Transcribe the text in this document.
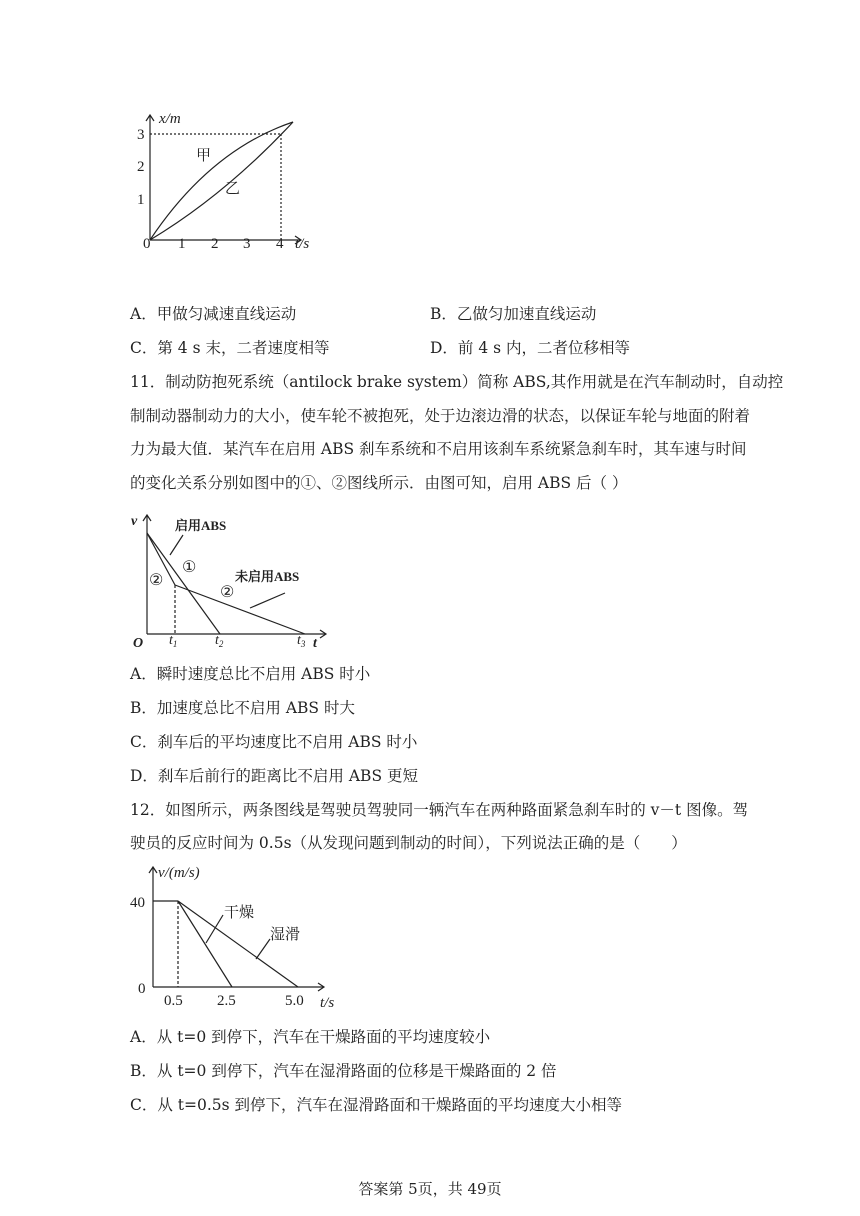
x/m
t/s
0
1
2
3
1 2 3 4
甲
乙
A．甲做匀减速直线运动	B．乙做匀加速直线运动
C．第 4 s 末，二者速度相等	D．前 4 s 内，二者位移相等
11．制动防抱死系统（antilock brake system）简称 ABS,其作用就是在汽车制动时，自动控
制制动器制动力的大小，使车轮不被抱死，处于边滚边滑的状态，以保证车轮与地面的附着
力为最大值．某汽车在启用 ABS 刹车系统和不启用该刹车系统紧急刹车时，其车速与时间
的变化关系分别如图中的①、②图线所示．由图可知，启用 ABS 后（ ）
v
t
O $t_1$	$t_2$	$t_3$
启用ABS
未启用ABS
①
②
②
A．瞬时速度总比不启用 ABS 时小
B．加速度总比不启用 ABS 时大
C．刹车后的平均速度比不启用 ABS 时小
D．刹车后前行的距离比不启用 ABS 更短
12．如图所示，两条图线是驾驶员驾驶同一辆汽车在两种路面紧急刹车时的 v－t 图像。驾
驶员的反应时间为 0.5s（从发现问题到制动的时间），下列说法正确的是（　　）
v/(m/s)
t/s
40
0
0.5 2.5	5.0
干燥
湿滑
A．从 t=0 到停下，汽车在干燥路面的平均速度较小
B．从 t=0 到停下，汽车在湿滑路面的位移是干燥路面的 2 倍
C．从 t=0.5s 到停下，汽车在湿滑路面和干燥路面的平均速度大小相等
答案第 5页，共 49页
